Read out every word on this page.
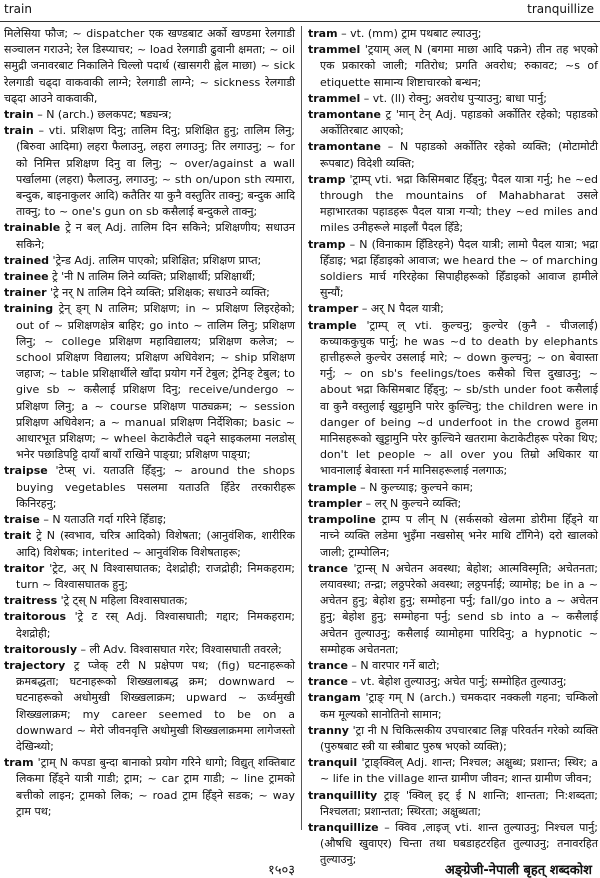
train	tranquillize
मिलेसिया फौज; ~ dispatcher एक खण्डबाट अर्को खण्डमा रेलगाडी सञ्चालन गराउने; रेल डिस्प्याचर; ~ load रेलगाडी ढुवानी क्षमता; ~ oil समुद्री जनावरबाट निकालिने चिल्लो पदार्थ (खासगरी ह्वेल माछा) ~ sick रेलगाडी चढ्दा वाकवाकी लाग्ने; रेलगाडी लाग्ने; ~ sickness रेलगाडी चढ्दा आउने वाकवाकी,
train – N (arch.) छलकपट; षड्यन्त्र;
train – vti. प्रशिक्षण दिनु; तालिम दिनु; प्रशिक्षित हुनु; तालिम लिनु; (बिरुवा आदिमा) लहरा फैलाउनु, लहरा लगाउनु; तिर लगाउनु; ~ for को निमित्त प्रशिक्षण दिनु वा लिनु; ~ over/against a wall पर्खालमा (लहरा) फैलाउनु, लगाउनु; ~ sth on/upon sth त्यमारा, बन्दुक, बाइनाकुलर आदि) कतैतिर या कुनै वस्तुतिर ताक्नु; बन्दुक आदि ताक्नु; to ~ one's gun on sb कसैलाई बन्दुकले ताक्नु;
trainable ट्रे न बल् Adj. तालिम दिन सकिने; प्रशिक्षणीय; सधाउन सकिने;
trained 'ट्रेन्ड Adj. तालिम पाएको; प्रशिक्षित; प्रशिक्षण प्राप्त;
trainee ट्रे 'नी N तालिम लिने व्यक्ति; प्रशिक्षार्थी; प्रशिक्षार्थी;
trainer 'ट्रे नर् N तालिम दिने व्यक्ति; प्रशिक्षक; सधाउने व्यक्ति;
training ट्रेन् ङ्ग् N तालिम; प्रशिक्षण; in ~ प्रशिक्षण लिइरहेको; out of ~ प्रशिक्षणक्षेत्र बाहिर; go into ~ तालिम लिनु; प्रशिक्षण लिनु; ~ college प्रशिक्षण महाविद्यालय; प्रशिक्षण कलेज; ~ school प्रशिक्षण विद्यालय; प्रशिक्षण अधिवेशन; ~ ship प्रशिक्षण जहाज; ~ table प्रशिक्षार्थीले खाँदा प्रयोग गर्ने टेबुल; ट्रेनिङ् टेबुल; to give sb ~ कसैलाई प्रशिक्षण दिनु; receive/undergo ~ प्रशिक्षण लिनु; a ~ course प्रशिक्षण पाठ्यक्रम; ~ session प्रशिक्षण अधिवेशन; a ~ manual प्रशिक्षण निर्देशिका; basic ~ आधारभूत प्रशिक्षण; ~ wheel केटाकेटीले चढ्ने साइकलमा नलडोस् भनेर पछाडिपट्टि दायाँ बायाँ राखिने पाङ्ग्रा; प्रशिक्षण पाङ्ग्रा;
traipse 'टेप्स् vi. यताउति हिँड्नु; ~ around the shops buying vegetables पसलमा यताउति हिँडेर तरकारीहरू किनिरहनु;
traise – N यताउति गर्दा गरिने हिँडाइ;
trait ट्रे N (स्वभाव, चरित्र आदिको) विशेषता; (आनुवंशिक, शारीरिक आदि) विशेषक; interited ~ आनुवंशिक विशेषताहरू;
traitor 'ट्रेट, अर् N विश्वासघातक; देशद्रोही; राजद्रोही; निमकहराम; turn ~ विश्वासघातक हुनु;
traitress 'ट्रे ट्स् N महिला विश्वासघातक;
traitorous 'ट्रे ट रस् Adj. विश्वासघाती; गद्दार; निमकहराम; देशद्रोही;
traitorously – ली Adv. विश्वासघात गरेर; विश्वासघाती तवरले;
trajectory ट्र प्जेक् टरी N प्रक्षेपण पथ; (fig) घटनाहरूको क्रमबद्धता; घटनाहरूको शिख्खलाबद्ध क्रम; downward ~ घटनाहरूको अधोमुखी शिख्खलाक्रम; upward ~ ऊर्ध्वमुखी शिख्खलाक्रम; my career seemed to be on a downward ~ मेरो जीवनवृत्ति अधोमुखी शिख्खलाक्रममा लागेजस्तो देखिन्थ्यो;
tram 'ट्राम् N कपडा बुन्दा बानाको प्रयोग गरिने धागो; विद्युत् शक्तिबाट लिकमा हिँड्ने यात्री गाडी; ट्राम; ~ car ट्राम गाडी; ~ line ट्रामको बत्तीको लाइन; ट्रामको लिक; ~ road ट्राम हिँड्ने सडक; ~ way ट्राम पथ;
tram – vt. (mm) ट्राम पथबाट ल्याउनु;
trammel 'ट्रयाम् अल् N (बगमा माछा आदि पक्रने) तीन तह भएको एक प्रकारको जाली; गतिरोध; प्रगति अवरोध; रुकावट; ~s of etiquette सामान्य शिष्टाचारको बन्धन;
trammel – vt. (ll) रोक्नु; अवरोध पुऱ्याउनु; बाधा पार्नु;
tramontane ट्र 'मान् टेन् Adj. पहाडको अर्कोतिर रहेको; पहाडको अर्कोतिरबाट आएको;
tramontane – N पहाडको अर्कोतिर रहेको व्यक्ति; (मोटामोटी रूपबाट) विदेशी व्यक्ति;
tramp 'ट्राम्प् vti. भद्रा किसिमबाट हिँड्नु; पैदल यात्रा गर्नु; he ~ed through the mountains of Mahabharat उसले महाभारतका पहाडहरू पैदल यात्रा गऱ्यो; they ~ed miles and miles उनीहरूले माइलौं पैदल हिँडे;
tramp – N (विनाकाम हिँडिरहने) पैदल यात्री; लामो पैदल यात्रा; भद्रा हिँडाइ; भद्रा हिँडाइको आवाज; we heard the ~ of marching soldiers मार्च गरिरहेका सिपाहीहरूको हिँडाइको आवाज हामीले सुन्यौं;
tramper – अर् N पैदल यात्री;
trample 'ट्राम्प् ल् vti. कुल्चनु; कुल्चेर (कुनै - चीजलाई) कच्याककुचुक पार्नु; he was ~d to death by elephants हात्तीहरूले कुल्चेर उसलाई मारे; ~ down कुल्चनु; ~ on बेवास्ता गर्नु; ~ on sb's feelings/toes कसैको चित्त दुखाउनु; ~ about भद्रा किसिमबाट हिँड्नु; ~ sb/sth under foot कसैलाई वा कुनै वस्तुलाई खुट्टामुनि पारेर कुल्चिनु; the children were in danger of being ~d underfoot in the crowd हुलमा मानिसहरूको खुट्टामुनि परेर कुल्चिने खतरामा केटाकेटीहरू परेका थिए; don't let people ~ all over you तिम्रो अधिकार या भावनालाई बेवास्ता गर्न मानिसहरूलाई नलगाऊ;
trample – N कुल्च्याइ; कुल्चने काम;
trampler – लर् N कुल्चने व्यक्ति;
trampoline ट्राम्प प लीन् N (सर्कसको खेलमा डोरीमा हिँड्ने या नाच्ने व्यक्ति लडेमा भुइँमा नखसोस् भनेर माथि टाँगिने) दरो खालको जाली; ट्राम्पोलिन;
trance 'ट्रान्स् N अचेतन अवस्था; बेहोश; आत्मविस्मृति; अचेतनता; लयावस्था; तन्द्रा; लठ्ठपरेको अवस्था; लठ्ठपर्नाई; व्यामोह; be in a ~ अचेतन हुनु; बेहोश हुनु; सम्मोहना पर्नु; fall/go into a ~ अचेतन हुनु; बेहोश हुनु; सम्मोहना पर्नु; send sb into a ~ कसैलाई अचेतन तुल्याउनु; कसैलाई व्यामोहमा पारिदिनु; a hypnotic ~ सम्मोहक अचेतनता;
trance – N वारपार गर्ने बाटो;
trance – vt. बेहोश तुल्याउनु; अचेत पार्नु; सम्मोहित तुल्याउनु;
trangam 'ट्राङ् गम् N (arch.) चमकदार नक्कली गहना; चम्किलो कम मूल्यको सानोतिनो सामान;
tranny 'ट्रा नी N चिकित्सकीय उपचारबाट लिङ्ग परिवर्तन गरेको व्यक्ति (पुरुषबाट स्त्री या स्त्रीबाट पुरुष भएको व्यक्ति);
tranquil 'ट्राङ्क्विल् Adj. शान्त; निश्चल; अक्षुब्ध; प्रशान्त; स्थिर; a ~ life in the village शान्त ग्रामीण जीवन; शान्त ग्रामीण जीवन;
tranquillity ट्राङ् 'क्विल् इट् ई N शान्ति; शान्तता; नि:शब्दता; निश्चलता; प्रशान्तता; स्थिरता; अक्षुब्धता;
tranquillize – क्विव ,लाइज् vti. शान्त तुल्याउनु; निश्चल पार्नु; (औषधि खुवाएर) चिन्ता तथा घबडाहटरहित तुल्याउनु; तनावरहित तुल्याउनु;
१५०३	अङ्ग्रेजी-नेपाली बृहत् शब्दकोश
